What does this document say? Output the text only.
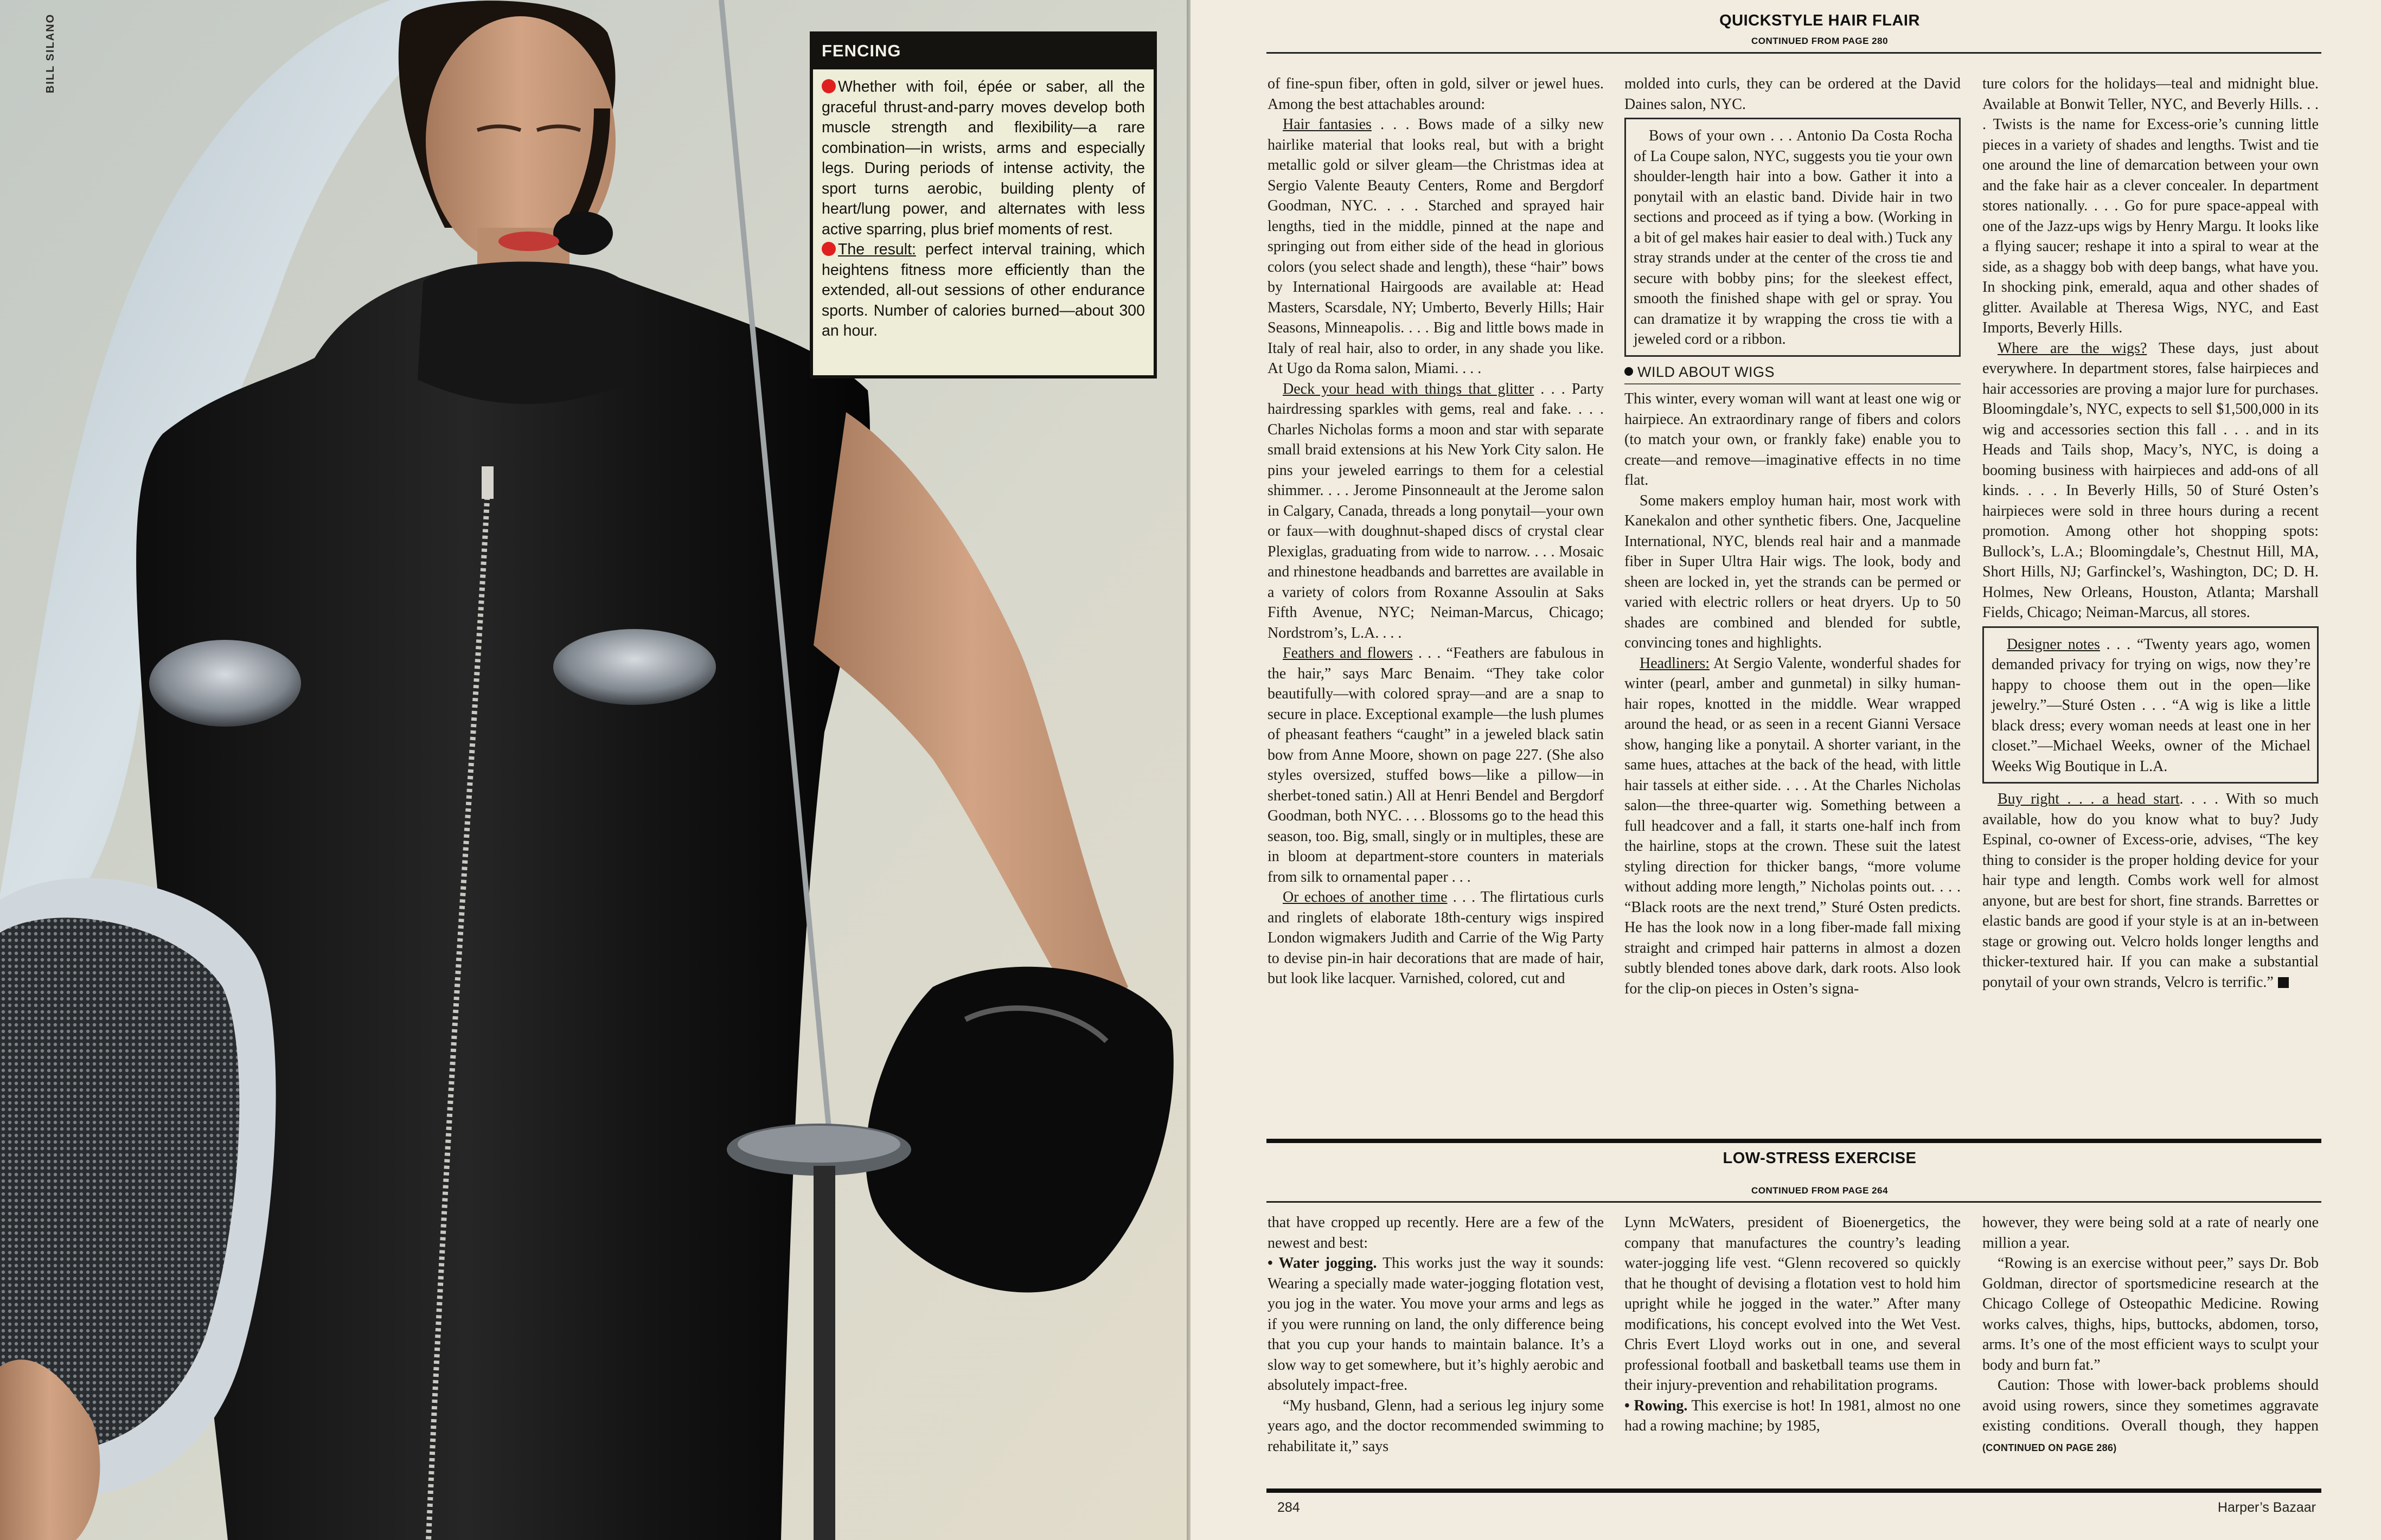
BILL SILANO	FENCING

Whether with foil, épée or saber, all the graceful thrust-and-parry moves develop both muscle strength and flexibility—a rare combination—in wrists, arms and especially legs. During periods of intense activity, the sport turns aerobic, building plenty of heart/lung power, and alternates with less active sparring, plus brief moments of rest.

The result: perfect interval training, which heightens fitness more efficiently than the extended, all-out sessions of other endurance sports. Number of calories burned—about 300 an hour.

QUICKSTYLE HAIR FLAIR
CONTINUED FROM PAGE 280

of fine-spun fiber, often in gold, silver or jewel hues. Among the best attachables around:

Hair fantasies . . . Bows made of a silky new hairlike material that looks real, but with a bright metallic gold or silver gleam—the Christmas idea at Sergio Valente Beauty Centers, Rome and Bergdorf Goodman, NYC. . . . Starched and sprayed hair lengths, tied in the middle, pinned at the nape and springing out from either side of the head in glorious colors (you select shade and length), these “hair” bows by International Hairgoods are available at: Head Masters, Scarsdale, NY; Umberto, Beverly Hills; Hair Seasons, Minneapolis. . . . Big and little bows made in Italy of real hair, also to order, in any shade you like. At Ugo da Roma salon, Miami. . . .

Deck your head with things that glitter . . . Party hairdressing sparkles with gems, real and fake. . . . Charles Nicholas forms a moon and star with separate small braid extensions at his New York City salon. He pins your jeweled earrings to them for a celestial shimmer. . . . Jerome Pinsonneault at the Jerome salon in Calgary, Canada, threads a long ponytail—your own or faux—with doughnut-shaped discs of crystal clear Plexiglas, graduating from wide to narrow. . . . Mosaic and rhinestone headbands and barrettes are available in a variety of colors from Roxanne Assoulin at Saks Fifth Avenue, NYC; Neiman-Marcus, Chicago; Nordstrom’s, L.A. . . .

Feathers and flowers . . . “Feathers are fabulous in the hair,” says Marc Benaim. “They take color beautifully—with colored spray—and are a snap to secure in place. Exceptional example—the lush plumes of pheasant feathers “caught” in a jeweled black satin bow from Anne Moore, shown on page 227. (She also styles oversized, stuffed bows—like a pillow—in sherbet-toned satin.) All at Henri Bendel and Bergdorf Goodman, both NYC. . . . Blossoms go to the head this season, too. Big, small, singly or in multiples, these are in bloom at department-store counters in materials from silk to ornamental paper . . .

Or echoes of another time . . . The flirtatious curls and ringlets of elaborate 18th-century wigs inspired London wigmakers Judith and Carrie of the Wig Party to devise pin-in hair decorations that are made of hair, but look like lacquer. Varnished, colored, cut and

molded into curls, they can be ordered at the David Daines salon, NYC.

Bows of your own . . . Antonio Da Costa Rocha of La Coupe salon, NYC, suggests you tie your own shoulder-length hair into a bow. Gather it into a ponytail with an elastic band. Divide hair in two sections and proceed as if tying a bow. (Working in a bit of gel makes hair easier to deal with.) Tuck any stray strands under at the center of the cross tie and secure with bobby pins; for the sleekest effect, smooth the finished shape with gel or spray. You can dramatize it by wrapping the cross tie with a jeweled cord or a ribbon.

WILD ABOUT WIGS

This winter, every woman will want at least one wig or hairpiece. An extraordinary range of fibers and colors (to match your own, or frankly fake) enable you to create—and remove—imaginative effects in no time flat.

Some makers employ human hair, most work with Kanekalon and other synthetic fibers. One, Jacqueline International, NYC, blends real hair and a manmade fiber in Super Ultra Hair wigs. The look, body and sheen are locked in, yet the strands can be permed or varied with electric rollers or heat dryers. Up to 50 shades are combined and blended for subtle, convincing tones and highlights.

Headliners: At Sergio Valente, wonderful shades for winter (pearl, amber and gunmetal) in silky human-hair ropes, knotted in the middle. Wear wrapped around the head, or as seen in a recent Gianni Versace show, hanging like a ponytail. A shorter variant, in the same hues, attaches at the back of the head, with little hair tassels at either side. . . . At the Charles Nicholas salon—the three-quarter wig. Something between a full headcover and a fall, it starts one-half inch from the hairline, stops at the crown. These suit the latest styling direction for thicker bangs, “more volume without adding more length,” Nicholas points out. . . . “Black roots are the next trend,” Sturé Osten predicts. He has the look now in a long fiber-made fall mixing straight and crimped hair patterns in almost a dozen subtly blended tones above dark, dark roots. Also look for the clip-on pieces in Osten’s signa-

ture colors for the holidays—teal and midnight blue. Available at Bonwit Teller, NYC, and Beverly Hills. . . . Twists is the name for Excess-orie’s cunning little pieces in a variety of shades and lengths. Twist and tie one around the line of demarcation between your own and the fake hair as a clever concealer. In department stores nationally. . . . Go for pure space-appeal with one of the Jazz-ups wigs by Henry Margu. It looks like a flying saucer; reshape it into a spiral to wear at the side, as a shaggy bob with deep bangs, what have you. In shocking pink, emerald, aqua and other shades of glitter. Available at Theresa Wigs, NYC, and East Imports, Beverly Hills.

Where are the wigs? These days, just about everywhere. In department stores, false hairpieces and hair accessories are proving a major lure for purchases. Bloomingdale’s, NYC, expects to sell $1,500,000 in its wig and accessories section this fall . . . and in its Heads and Tails shop, Macy’s, NYC, is doing a booming business with hairpieces and add-ons of all kinds. . . . In Beverly Hills, 50 of Sturé Osten’s hairpieces were sold in three hours during a recent promotion. Among other hot shopping spots: Bullock’s, L.A.; Bloomingdale’s, Chestnut Hill, MA, Short Hills, NJ; Garfinckel’s, Washington, DC; D. H. Holmes, New Orleans, Houston, Atlanta; Marshall Fields, Chicago; Neiman-Marcus, all stores.

Designer notes . . . “Twenty years ago, women demanded privacy for trying on wigs, now they’re happy to choose them out in the open—like jewelry.”—Sturé Osten . . . “A wig is like a little black dress; every woman needs at least one in her closet.”—Michael Weeks, owner of the Michael Weeks Wig Boutique in L.A.

Buy right . . . a head start. . . . With so much available, how do you know what to buy? Judy Espinal, co-owner of Excess-orie, advises, “The key thing to consider is the proper holding device for your hair type and length. Combs work well for almost anyone, but are best for short, fine strands. Barrettes or elastic bands are good if your style is at an in-between stage or growing out. Velcro holds longer lengths and thicker-textured hair. If you can make a substantial ponytail of your own strands, Velcro is terrific.”

LOW-STRESS EXERCISE
CONTINUED FROM PAGE 264

that have cropped up recently. Here are a few of the newest and best:

• Water jogging. This works just the way it sounds: Wearing a specially made water-jogging flotation vest, you jog in the water. You move your arms and legs as if you were running on land, the only difference being that you cup your hands to maintain balance. It’s a slow way to get somewhere, but it’s highly aerobic and absolutely impact-free.

“My husband, Glenn, had a serious leg injury some years ago, and the doctor recommended swimming to rehabilitate it,” says

Lynn McWaters, president of Bioenergetics, the company that manufactures the country’s leading water-jogging life vest. “Glenn recovered so quickly that he thought of devising a flotation vest to hold him upright while he jogged in the water.” After many modifications, his concept evolved into the Wet Vest. Chris Evert Lloyd works out in one, and several professional football and basketball teams use them in their injury-prevention and rehabilitation programs.

• Rowing. This exercise is hot! In 1981, almost no one had a rowing machine; by 1985,

however, they were being sold at a rate of nearly one million a year.

“Rowing is an exercise without peer,” says Dr. Bob Goldman, director of sportsmedicine research at the Chicago College of Osteopathic Medicine. Rowing works calves, thighs, hips, buttocks, abdomen, torso, arms. It’s one of the most efficient ways to sculpt your body and burn fat.”

Caution: Those with lower-back problems should avoid using rowers, since they sometimes aggravate existing conditions. Overall though, they happen (CONTINUED ON PAGE 286)

284	Harper’s Bazaar
